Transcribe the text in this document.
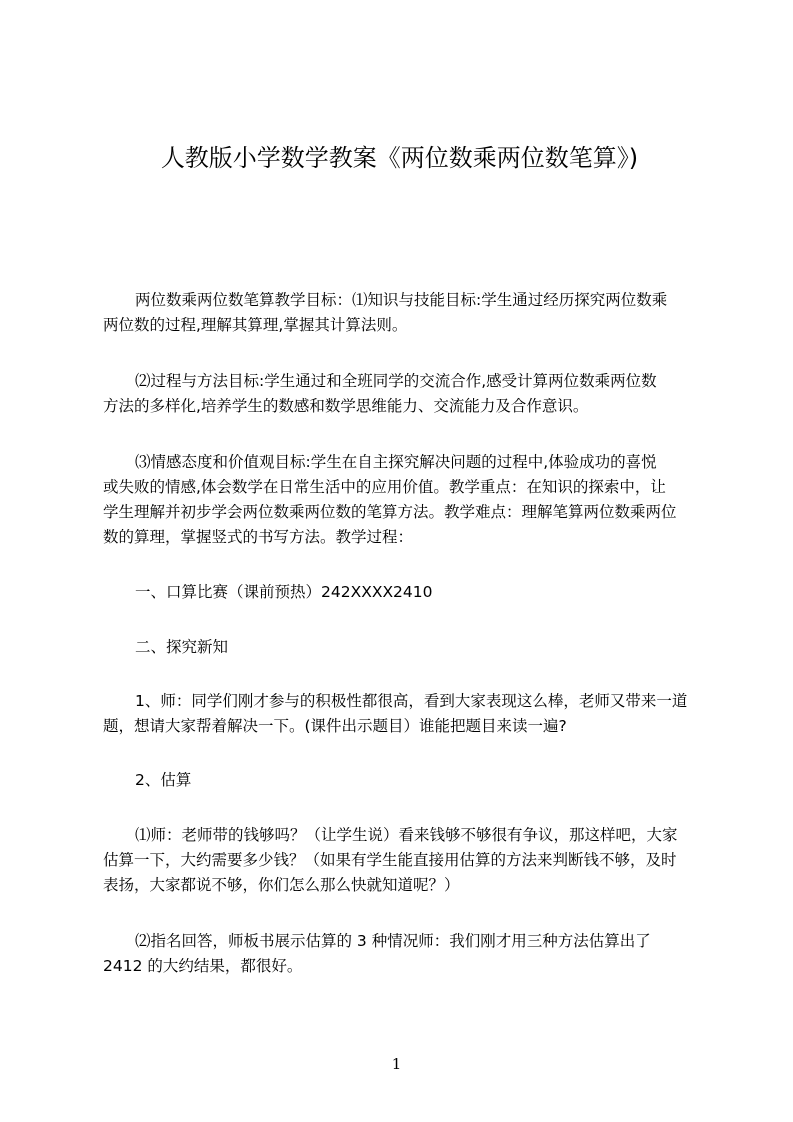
人教版小学数学教案《两位数乘两位数笔算》)
两位数乘两位数笔算教学目标：⑴知识与技能目标:学生通过经历探究两位数乘
两位数的过程,理解其算理,掌握其计算法则。
⑵过程与方法目标:学生通过和全班同学的交流合作,感受计算两位数乘两位数
方法的多样化,培养学生的数感和数学思维能力、交流能力及合作意识。
⑶情感态度和价值观目标:学生在自主探究解决问题的过程中,体验成功的喜悦
或失败的情感,体会数学在日常生活中的应用价值。教学重点：在知识的探索中，让
学生理解并初步学会两位数乘两位数的笔算方法。教学难点：理解笔算两位数乘两位
数的算理，掌握竖式的书写方法。教学过程：
一、口算比赛（课前预热）242XXXX2410
二、探究新知
1、师：同学们刚才参与的积极性都很高，看到大家表现这么棒，老师又带来一道
题，想请大家帮着解决一下。(课件出示题目）谁能把题目来读一遍?
2、估算
⑴师：老师带的钱够吗？（让学生说）看来钱够不够很有争议，那这样吧，大家
估算一下，大约需要多少钱？（如果有学生能直接用估算的方法来判断钱不够，及时
表扬，大家都说不够，你们怎么那么快就知道呢？）
⑵指名回答，师板书展示估算的 3 种情况师：我们刚才用三种方法估算出了
2412 的大约结果，都很好。
1
